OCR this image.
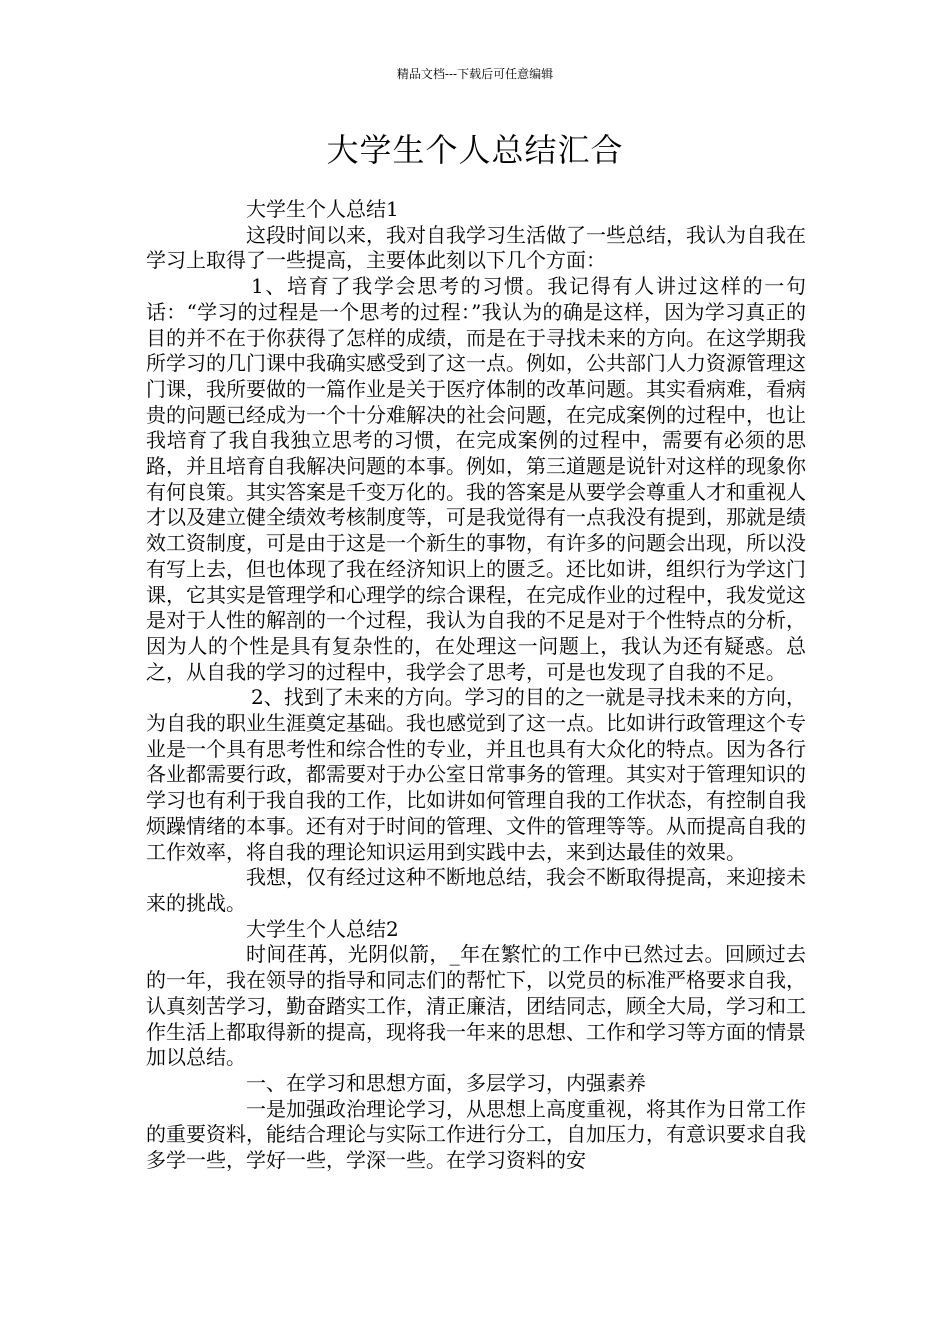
精品文档---下载后可任意编辑
大学生个人总结汇合

大学生个人总结1

这段时间以来，我对自我学习生活做了一些总结，我认为自我在学习上取得了一些提高，主要体此刻以下几个方面：

1、培育了我学会思考的习惯。我记得有人讲过这样的一句话：“学习的过程是一个思考的过程：”我认为的确是这样，因为学习真正的目的并不在于你获得了怎样的成绩，而是在于寻找未来的方向。在这学期我所学习的几门课中我确实感受到了这一点。例如，公共部门人力资源管理这门课，我所要做的一篇作业是关于医疗体制的改革问题。其实看病难，看病贵的问题已经成为一个十分难解决的社会问题，在完成案例的过程中，也让我培育了我自我独立思考的习惯，在完成案例的过程中，需要有必须的思路，并且培育自我解决问题的本事。例如，第三道题是说针对这样的现象你有何良策。其实答案是千变万化的。我的答案是从要学会尊重人才和重视人才以及建立健全绩效考核制度等，可是我觉得有一点我没有提到，那就是绩效工资制度，可是由于这是一个新生的事物，有许多的问题会出现，所以没有写上去，但也体现了我在经济知识上的匮乏。还比如讲，组织行为学这门课，它其实是管理学和心理学的综合课程，在完成作业的过程中，我发觉这是对于人性的解剖的一个过程，我认为自我的不足是对于个性特点的分析，因为人的个性是具有复杂性的，在处理这一问题上，我认为还有疑惑。总之，从自我的学习的过程中，我学会了思考，可是也发现了自我的不足。

2、找到了未来的方向。学习的目的之一就是寻找未来的方向，为自我的职业生涯奠定基础。我也感觉到了这一点。比如讲行政管理这个专业是一个具有思考性和综合性的专业，并且也具有大众化的特点。因为各行各业都需要行政，都需要对于办公室日常事务的管理。其实对于管理知识的学习也有利于我自我的工作，比如讲如何管理自我的工作状态，有控制自我烦躁情绪的本事。还有对于时间的管理、文件的管理等等。从而提高自我的工作效率，将自我的理论知识运用到实践中去，来到达最佳的效果。

我想，仅有经过这种不断地总结，我会不断取得提高，来迎接未来的挑战。

大学生个人总结2

时间荏苒，光阴似箭，_年在繁忙的工作中已然过去。回顾过去的一年，我在领导的指导和同志们的帮忙下，以党员的标准严格要求自我，认真刻苦学习，勤奋踏实工作，清正廉洁，团结同志，顾全大局，学习和工作生活上都取得新的提高，现将我一年来的思想、工作和学习等方面的情景加以总结。

一、在学习和思想方面，多层学习，内强素养

一是加强政治理论学习，从思想上高度重视，将其作为日常工作的重要资料，能结合理论与实际工作进行分工，自加压力，有意识要求自我多学一些，学好一些，学深一些。在学习资料的安
